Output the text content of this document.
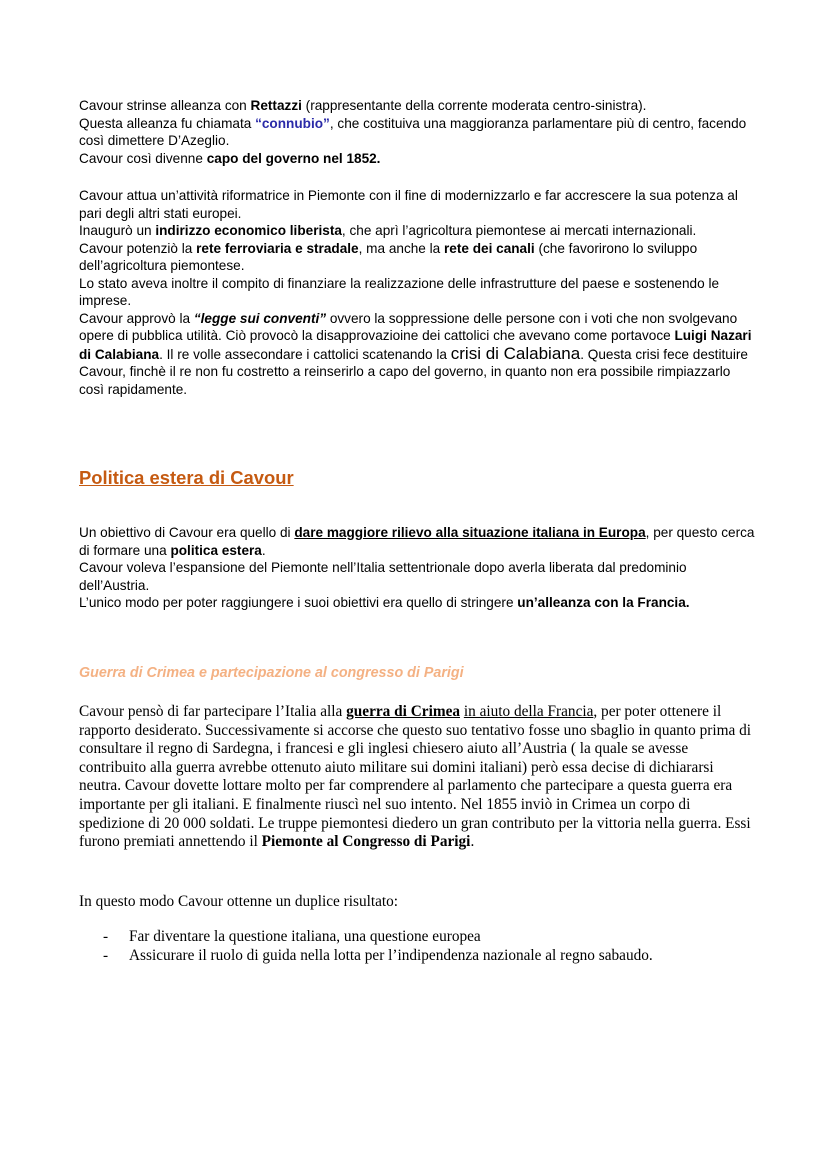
Cavour strinse alleanza con Rettazzi (rappresentante della corrente moderata centro-sinistra).

Questa alleanza fu chiamata “connubio”, che costituiva una maggioranza parlamentare più di centro, facendo così dimettere D’Azeglio.

Cavour così divenne capo del governo nel 1852.

Cavour attua un’attività riformatrice in Piemonte con il fine di modernizzarlo e far accrescere la sua potenza al pari degli altri stati europei.

Inaugurò un indirizzo economico liberista, che aprì l’agricoltura piemontese ai mercati internazionali.

Cavour potenziò la rete ferroviaria e stradale, ma anche la rete dei canali (che favorirono lo sviluppo dell’agricoltura piemontese.

Lo stato aveva inoltre il compito di finanziare la realizzazione delle infrastrutture del paese e sostenendo le imprese.

Cavour approvò la “legge sui conventi” ovvero la soppressione delle persone con i voti che non svolgevano opere di pubblica utilità. Ciò provocò la disapprovazioine dei cattolici che avevano come portavoce Luigi Nazari di Calabiana. Il re volle assecondare i cattolici scatenando la crisi di Calabiana. Questa crisi fece destituire Cavour, finchè il re non fu costretto a reinserirlo a capo del governo, in quanto non era possibile rimpiazzarlo così rapidamente.

Politica estera di Cavour

Un obiettivo di Cavour era quello di dare maggiore rilievo alla situazione italiana in Europa, per questo cerca di formare una politica estera.

Cavour voleva l’espansione del Piemonte nell’Italia settentrionale dopo averla liberata dal predominio dell’Austria.

L’unico modo per poter raggiungere i suoi obiettivi era quello di stringere un’alleanza con la Francia.

Guerra di Crimea e partecipazione al congresso di Parigi

Cavour pensò di far partecipare l’Italia alla guerra di Crimea in aiuto della Francia, per poter ottenere il rapporto desiderato. Successivamente si accorse che questo suo tentativo fosse uno sbaglio in quanto prima di consultare il regno di Sardegna, i francesi e gli inglesi chiesero aiuto all’Austria ( la quale se avesse contribuito alla guerra avrebbe ottenuto aiuto militare sui domini italiani) però essa decise di dichiararsi neutra. Cavour dovette lottare molto per far comprendere al parlamento che partecipare a questa guerra era importante per gli italiani. E finalmente riuscì nel suo intento. Nel 1855 inviò in Crimea un corpo di spedizione di 20 000 soldati. Le truppe piemontesi diedero un gran contributo per la vittoria nella guerra. Essi furono premiati annettendo il Piemonte al Congresso di Parigi.

In questo modo Cavour ottenne un duplice risultato:
- Far diventare la questione italiana, una questione europea
- Assicurare il ruolo di guida nella lotta per l’indipendenza nazionale al regno sabaudo.
